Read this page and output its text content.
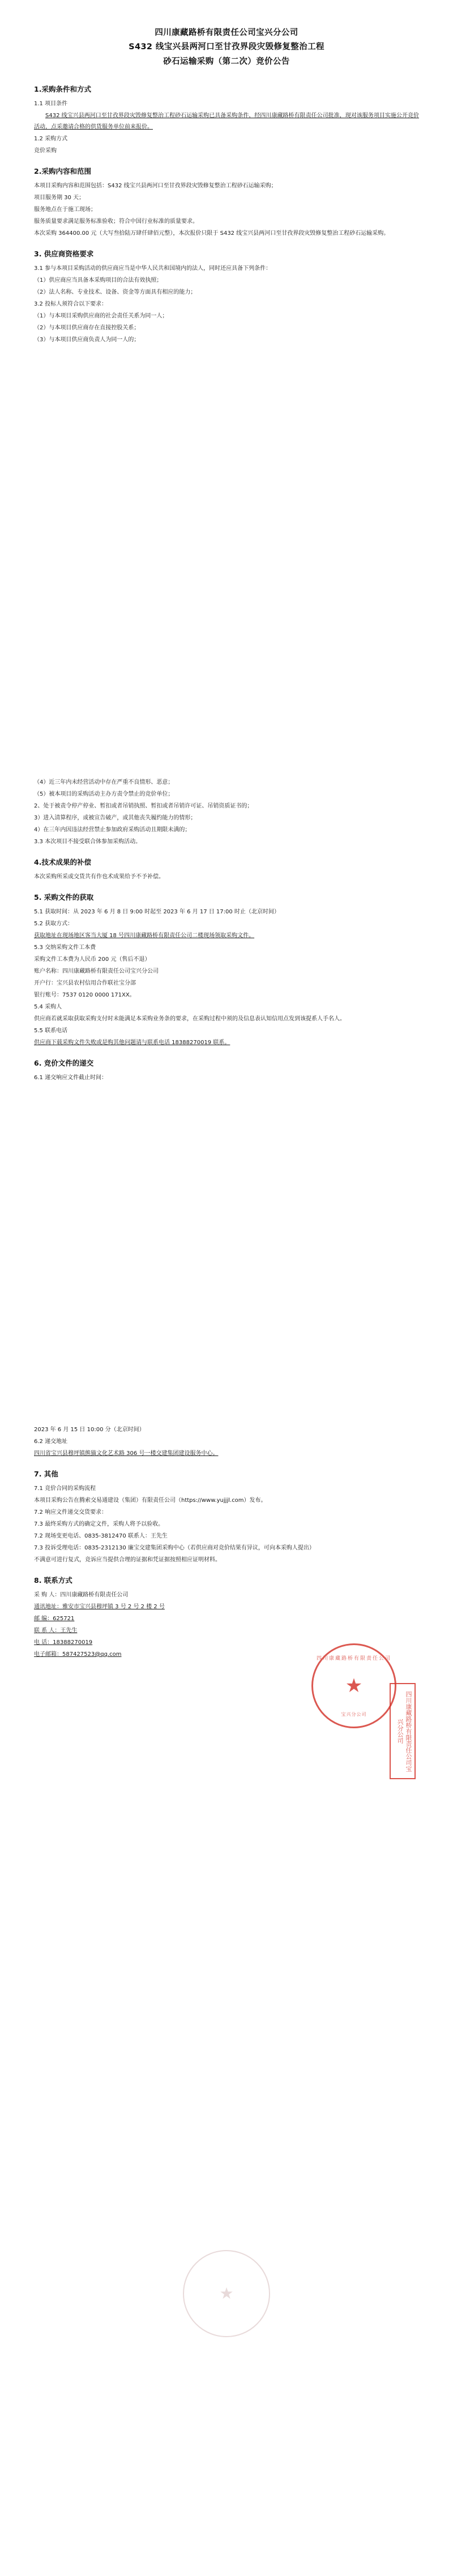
四川康藏路桥有限责任公司宝兴分公司
S432 线宝兴县两河口至甘孜界段灾毁修复整治工程
砂石运输采购（第二次）竞价公告
1.采购条件和方式

1.1 项目条件

S432 线宝兴县两河口至甘孜界段灾毁修复整治工程砂石运输采购已具备采购条件，经四川康藏路桥有限责任公司批准，现对该服务项目实施公开竞价活动，点采邀请合格的供货服务单位前来报价。

1.2 采购方式

竞价采购

2.采购内容和范围

本项目采购内容和范围包括：S432 线宝兴县两河口至甘孜界段灾毁修复整治工程砂石运输采购；

项目服务期 30 天；

服务地点在于施工现场；

服务质量要求满足服务标准验收；符合中国行业标准的质量要求。

本次采购 364400.00 元（大写叁拾陆万肆仟肆佰元整），本次报价只限于 S432 线宝兴县两河口至甘孜界段灾毁修复整治工程砂石运输采购。

3. 供应商资格要求

3.1 参与本项目采购活动的供应商应当是中华人民共和国境内的法人，同时还应具备下列条件：

（1）供应商应当具备本采购项目的合法有效执照；

（2）法人名称、专业技术、设备、资金等方面具有相应的能力；

3.2 投标人须符合以下要求：

（1）与本项目采购供应商的社会责任关系为同一人；

（2）与本项目供应商存在直接控股关系；

（3）与本项目供应商负责人为同一人的；

（4）近三年内未经营活动中存在严重不良情形、恶意；

（5）被本项目的采购活动主办方责令禁止的竞价单位；

2、处于被责令停产停业、暂扣或者吊销执照、暂扣或者吊销许可证、吊销资质证书的；

3）进入清算程序，或被宣告破产，或其他丧失履约能力的情形；

4）在三年内因违法经营禁止参加政府采购活动且期限未满的；

3.3 本次项目不接受联合体参加采购活动。

4.技术成果的补偿

本次采购所采或交货共有作也术成果给予不予补偿。

5. 采购文件的获取

5.1 获取时间：从 2023 年 6 月 8 日 9:00 时起至 2023 年 6 月 17 日 17:00 时止（北京时间）

5.2 获取方式：

获取地址在现场地区客当大厦 18 号四川康藏路桥有限责任公司二楼现场领取采购文件。

5.3 交纳采购文件工本费

采购文件工本费为人民币 200 元（售后不退）

账户名称：四川康藏路桥有限责任公司宝兴分公司

开户行：宝兴县农村信用合作联社宝分部

银行账号：7537 0120 0000 171XX。

5.4 采购人

供应商若就采取获取采购支付时未能满足本采购业务条的要求，在采购过程中须的及信息表认知信用点发到该提系人手名人。

5.5 联系电话

供应商下载采购文件失败或是购其他问题请与联系电话 18388270019 联系。

6. 竞价文件的递交

6.1 递交响应文件截止时间：

2023 年 6 月 15 日 10:00 分（北京时间）

6.2 递交地址

四川省宝兴县穆坪镇熊猫文化艺术路 306 号一楼交建集团建设服务中心。

7. 其他

7.1 竞价合同的采购流程

本项目采购公告在腾索交易通建设（集团）有限责任公司（https://www.yujjjl.com）发布。

7.2 响应文件递交交货要求：

7.3 最终采购方式的确定文件，采购人将予以验收。

7.2 现场变更电话、0835-3812470 联系人：王先生

7.3 投诉受理电话：0835-2312130 廉宝交建集团采购中心（若供应商对竞价结果有异议，可向本采购人提出）

不满意可进行复式，竞诉应当提供合理的证据和凭证据按照相应证明材料。

8. 联系方式

采 购 人：四川康藏路桥有限责任公司

通讯地址：雅安市宝兴县穆坪镇 3 号 2 号 2 楼 2 号

邮 编：625721

联 系 人：王先生

电 话：18388270019

电子邮箱：587427523@qq.com

四川康藏路桥有限责任公司
★
宝兴分公司	四川康藏路桥有限责任公司宝兴分公司
★
